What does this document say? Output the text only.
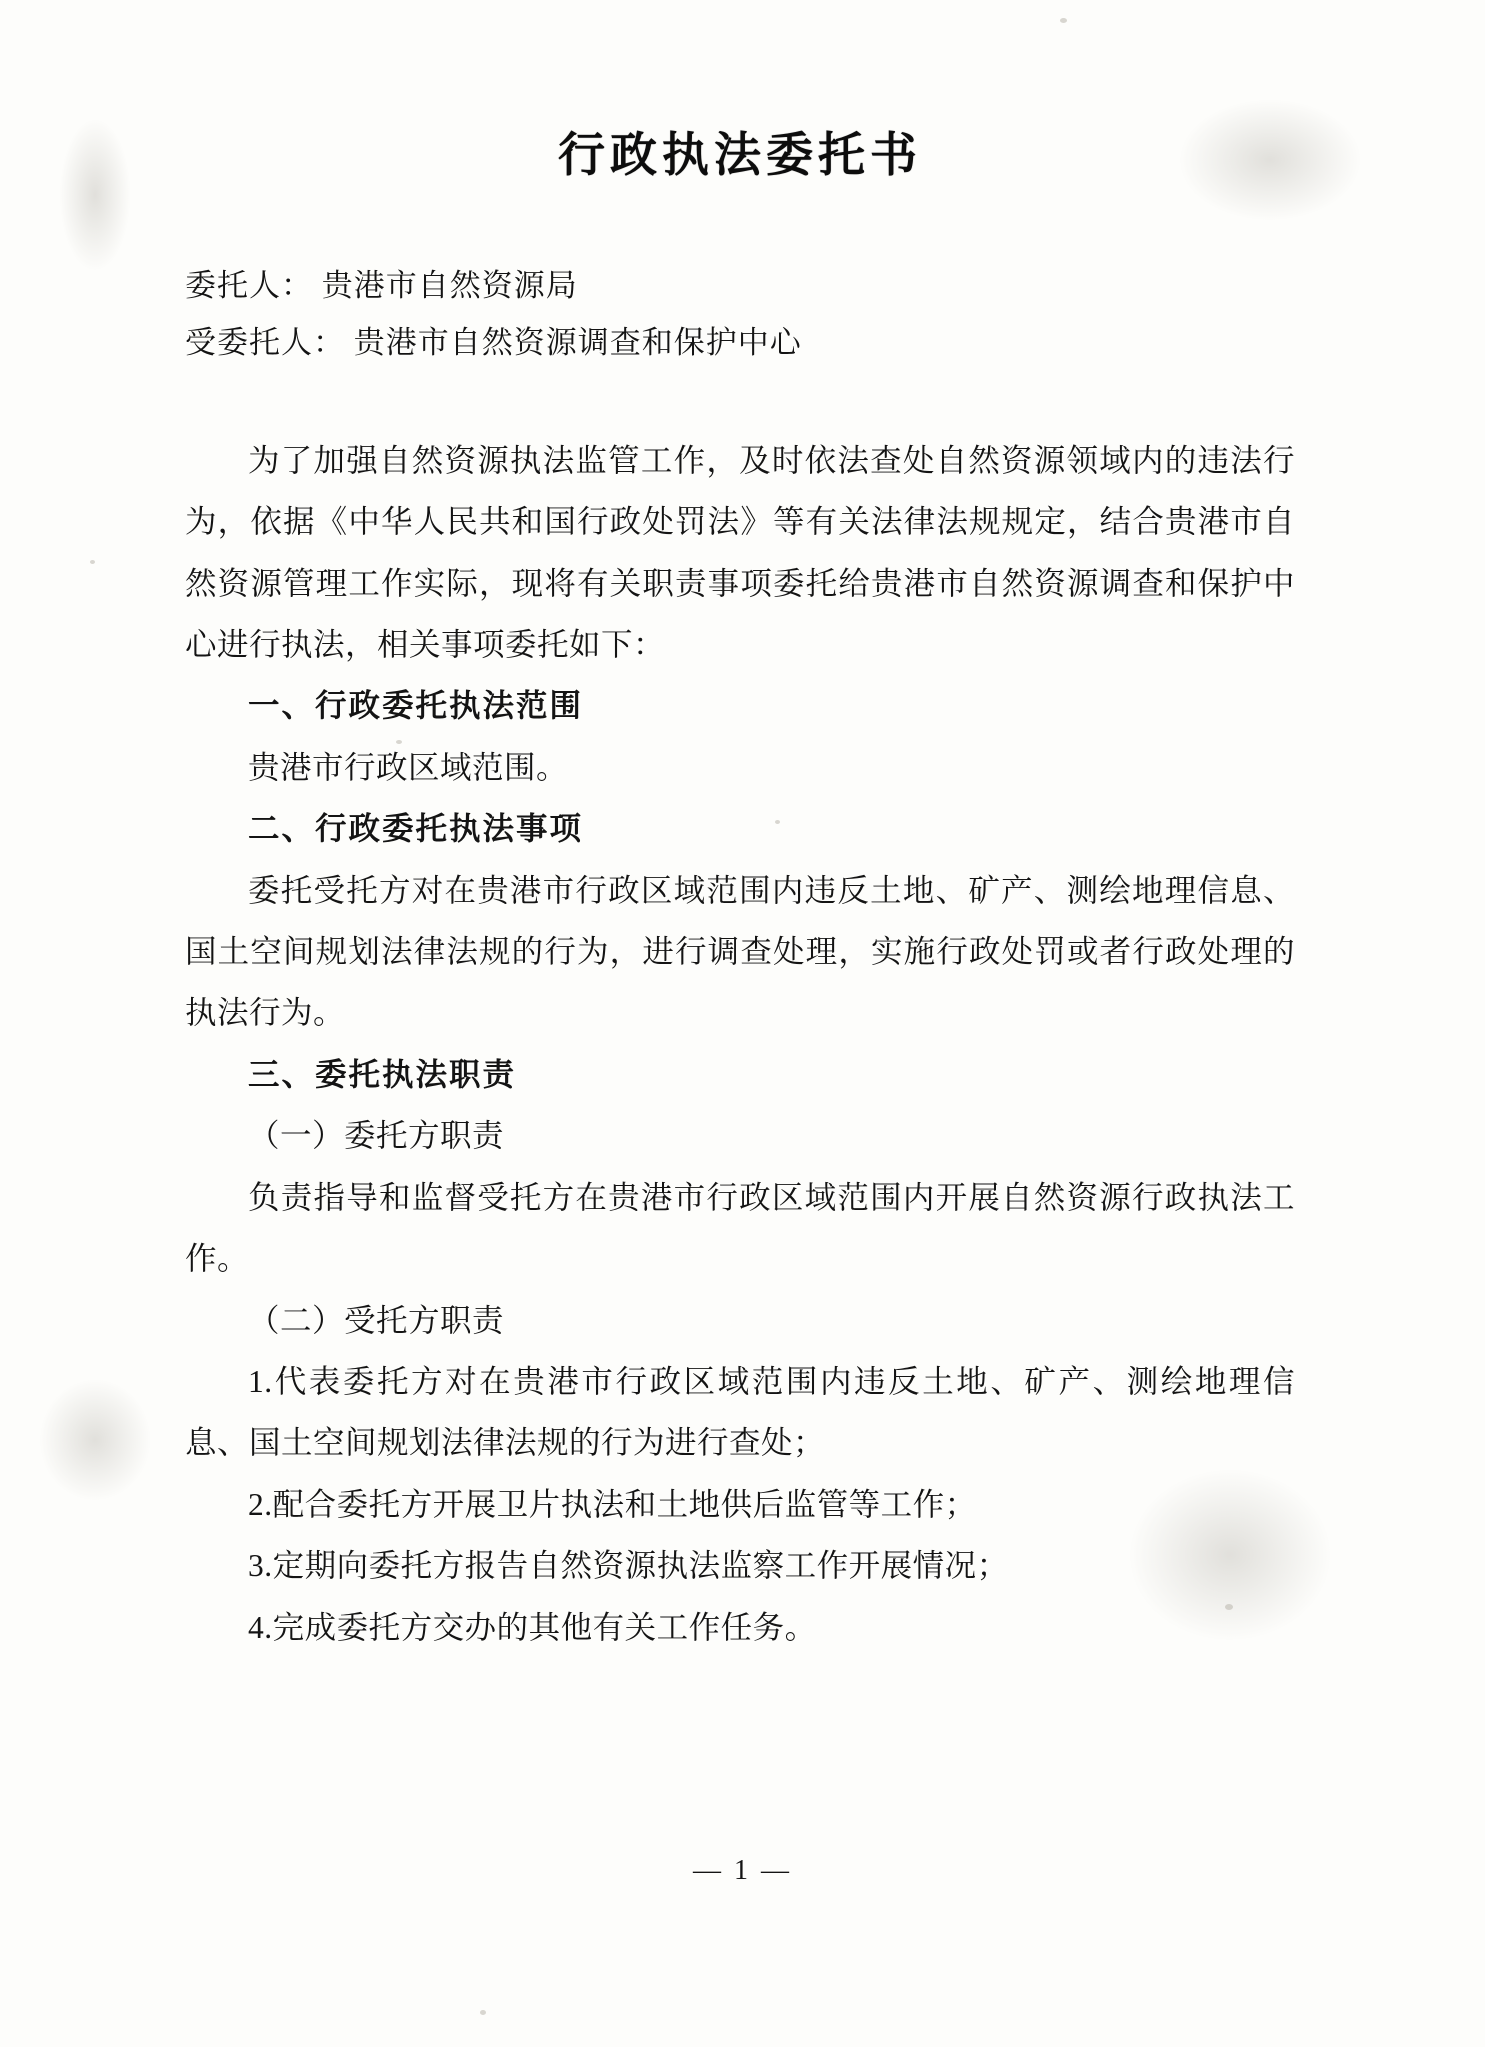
行政执法委托书
委托人： 贵港市自然资源局
受委托人： 贵港市自然资源调查和保护中心

为了加强自然资源执法监管工作，及时依法查处自然资源领域内的违法行为，依据《中华人民共和国行政处罚法》等有关法律法规规定，结合贵港市自然资源管理工作实际，现将有关职责事项委托给贵港市自然资源调查和保护中心进行执法，相关事项委托如下：

一、行政委托执法范围

贵港市行政区域范围。

二、行政委托执法事项

委托受托方对在贵港市行政区域范围内违反土地、矿产、测绘地理信息、国土空间规划法律法规的行为，进行调查处理，实施行政处罚或者行政处理的执法行为。

三、委托执法职责

（一）委托方职责

负责指导和监督受托方在贵港市行政区域范围内开展自然资源行政执法工作。

（二）受托方职责

1.代表委托方对在贵港市行政区域范围内违反土地、矿产、测绘地理信息、国土空间规划法律法规的行为进行查处；

2.配合委托方开展卫片执法和土地供后监管等工作；

3.定期向委托方报告自然资源执法监察工作开展情况；

4.完成委托方交办的其他有关工作任务。

— 1 —
